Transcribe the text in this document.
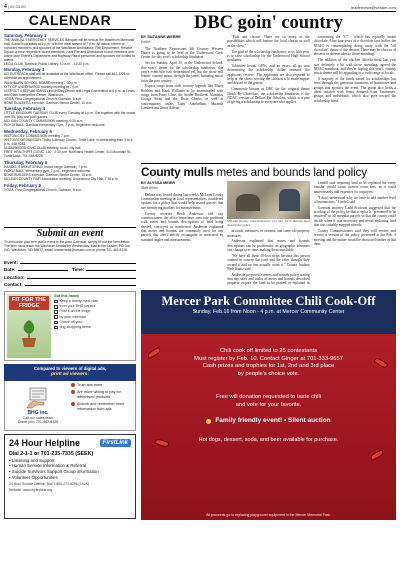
4 | 02.03.20	leadernews@wrsam.com
CALENDAR
Saturday, February 1
THE ANNUAL EMERGENCY SERVICES Banquet will be held at the Washburn Memorial Hall. Social hour starts at 6 p.m. with the meal served at 7 p.m. All active, retired or honorary members and spouses of the Washburn Ambulance, Fire Department, Rescue Squad or their respective board members, rural Fire and Ambulance board members and active duty Sheriff's Department and Highway Patrol personnel and spouses are invited to attend.
LEGO CLUB, Garrison Public Library, 10 a.m. - 12:30 p.m.
Monday, February 3
AG OUTREACH staff will be available at the Washburn office. Please call 462-3226 to schedule an appointment.
WASHBURN SCHOOL BOARD meeting 7:30 p.m.
CITY OF UNDERWOOD monthly meeting at 7 p.m.
DISTRICT 4 REPUBLICANS Lincoln Day Dinner and Legal Convention at 6 p.m. at Lewis and Clark Interpretive Center, Washburn.
YOGA, First Congregational Church, Garrison, 6 a.m.
BONE BUILDERS exercise, Garrison Senior Center, 10 a.m.
Tuesday, February 4
LITTLE MISSOURI TUESDAY CLUB every Tuesday at 1 p.m. Get together with the crowd over 55, play and plan games.
MCLEAN COUNTY COMMISSION meeting, 9:30 a.m.
PICKLEBALL, Garrison elementary Gym, 7 p.m., beginners welcome.
Wednesday, February 5
WILTON CITY COMMISSION meeting 7 p.m.
WILTON'S WEDNESDAY Trinity Lutheran Church, Turtle Lake, is celebrating from 3 to 4 p.m. 448-9283.
UNDERWOOD CIVIC CLUB meeting, noon, city hall.
FREE HEALTH/FIT CLINIC, 130 - 2:30 p.m. Northland Health Center, 413 Mountain St., Turtle Lake. 701-448-9225
Thursday, February 6
HANDEL'S MONITORING, indoor range Garrison, 7 p.m.
PICKLEBALL, elementary gym, 7 p.m., beginners welcome.
BONE BUILDERS exercise, Garrison Senior Center, 10 a.m.
MCLEAN COUNTY FAIR Association meeting, Underwood City Hall, 7:30 p.m.
Friday, February 8
YOGA, First Congregational Church, Garrison, 6 a.m.
Submit an event
To announce your free public event in the Area Calendar, simply fill out the form below. The item must reach the Washburn Leader by Wednesday. Mail to the Leader, PO Box 240, Washburn, ND 58577, email: leadernews@wrsam.com or phone 701-462-8126.
Event:
Date:	Time:
Location:
Contact:
FIT FOR THE FRIDGE
Got this handy
Keep a handy meal plan
from your BHG papers
Post it on the fridge
by your calendar
Check off your
bhg shopping items
Compared to viewers of digital ads,
print ad viewers:
BHG inc.
Call our sales team
Come join: 701-462-8126
Trust ads more
Are more willing to pay for advertised products
Absorb and remember more information from ads
24 Hour Helpline	FirstLink
Dial 2-1-1 or 701-235-7335 (SEEK)
• Listening and Support
• Human Service Information & Referral
• Suicide Survivors Support Group information
• Volunteer Opportunities
24 Hour Suicide Lifeline: Dial 1-800-273-8255 (TALK)
Website: www.myfirstlink.org
DBC goin' country
BY SUZANNE WERRE
Editor

The Northern Expressions 4th Country Western Dance is going to be held at the Underwood Civic Center for this year's scholarship fundraiser.

Set for Sunday, April 19, at the Underwood School, this year's theme for the scholarship fundraiser, this year's event title isn't determined yet, but the show will feature country music through the years, featuring music from the past century.

Expect songs from such country legends like Marty Robbins and Hank Williams to be intermingled with songs from Patsy Cline, the Statler Brothers, Alabama, George Strait and the Dixie Chicks, as well as contemporary artists Lady Antebellum, Miranda Lambert and Jason Aldean.

"Pick and choose. There are so many of the possibilities which will feature the local chorus as well as the show."

The goal of the scholarship fundraiser, in its fifth year, is to raise scholarship for the Underwood High School graduates.

Volunteer hours, GPAs, and an essay, all go into determining the scholarship dollar amounts the applicants receive. The applicants are also required to help at the show, serving the chicken à la mode supper and dessert to the guests.

Commonly known as DBC for the original theme Death By Chocolate, the scholarship fundraiser is the NDAC version of Dollars For Scholars, which is a part of giving a scholarship to everyone who applies.

concerning the "C" - which has typically meant chocolate. After four years of a chocolate lava buffet, the NDAC is contemplating doing away with the "all chocolate" theme of the dessert. There may be choices of desserts or cheesecakes to those attending.

The addition of the chicken Alfredo meal last year was definitely a hit with those attending, agreed the NDAC members, and they're hoping this year's country music theme will be appealing to a wide range of locals.

A majority of the funds raised for scholarships has been through the generous donations of businesses and groups that sponsor the event. The group also holds a silent auction with items donated from businesses, groups and individuals, which also goes toward the scholarship fund.

County mulls metes and bounds land policy
BY ALYSSA MEIER
Staff Writer

Debate was heated during last week's McLean County Commission meeting as local representatives considered options for a policy that would help record parcels that use identifying markers for measurement.

County recorder Heidi Anderson told city commissioners the office sometimes runs into problems with metes and bounds descriptions of land being deeded, conveyed or transferred. Anderson explained that metes and bounds are commonly used for any parcels that aren't strictly rectangular or measured by standard angles and measurements.

McLean County Commissioners met Jan. 21 to discuss land description policy.

as roads, measures, or streams, and some old property measures.

Anderson explained that metes and bounds descriptions can be problematic as geographic elements can change over time, making them unreliable.

"We have all these 10-foot strips because this person wanted to convey the road and the other thought they owned it and no one actually owns it," County Auditor Beth Kuntz said.

Anderson proposed a metes and bounds policy stating that any sales and trades of metes and bounds described property require the land to be platted or replatted in

Lindell said requiring land to be replatted for every transfer would cause owners extra fees, as it could unnecessarily add expenses for taxpayers.

"I don't understand why we have to add another level of bureaucracy," Lindell said.

Garrison attorney Ladd Erickson suggested that the wording of the policy be that a replat is "presumed to be required" so all irregular parcels so that the county could decide when it was necessary and avoid replatting land that was suitably mapped already.

County Commissioners said they will review and rewrite a version of the policy presented at the Feb. 4 meeting and the matter would be discussed further at that time.

Mercer Park Committee Chili Cook-Off
Sunday, Feb.16 from Noon - 4 p.m. at Mercer Community Center
Chili cook off limited to 25 contestants
Must register by Feb. 10. Contact Ginger at 701-333-9657
Cash prizes and trophies for 1st, 2nd and 3rd place
by people's choice vote.
Free will donation requested to taste chili
and vote for your favorite.
Family friendly event! • Silent auction
Hot dogs, dessert, soda, and beer available for purchase.
All proceeds go to replacing playground equipment in the Mercer Memorial Park.
